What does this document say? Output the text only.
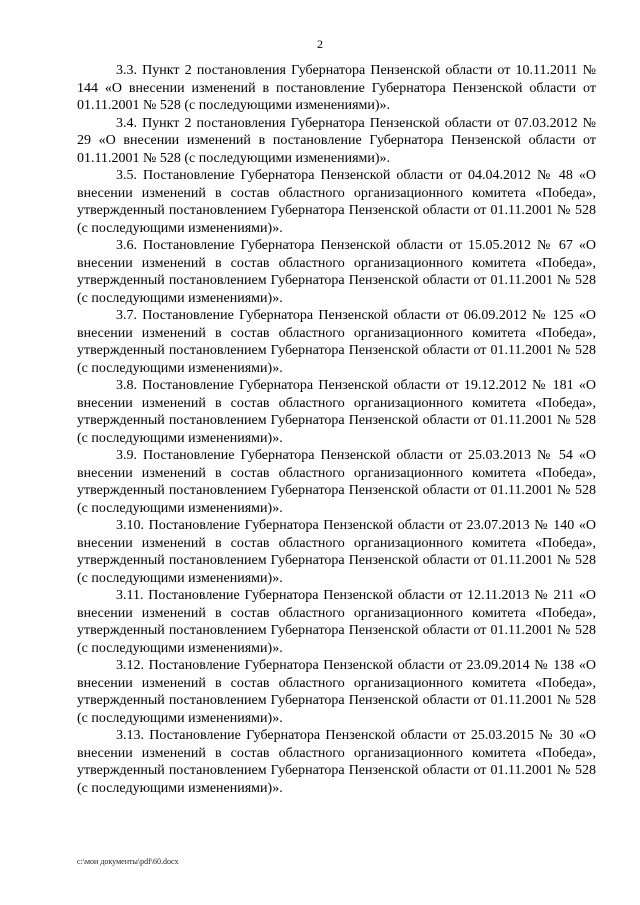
2

3.3. Пункт 2 постановления Губернатора Пензенской области от 10.11.2011 № 144 «О внесении изменений в постановление Губернатора Пензенской области от 01.11.2001 № 528 (с последующими изменениями)».

3.4. Пункт 2 постановления Губернатора Пензенской области от 07.03.2012 № 29 «О внесении изменений в постановление Губернатора Пензенской области от 01.11.2001 № 528 (с последующими изменениями)».

3.5. Постановление Губернатора Пензенской области от 04.04.2012 № 48 «О внесении изменений в состав областного организационного комитета «Победа», утвержденный постановлением Губернатора Пензенской области от 01.11.2001 № 528 (с последующими изменениями)».

3.6. Постановление Губернатора Пензенской области от 15.05.2012 № 67 «О внесении изменений в состав областного организационного комитета «Победа», утвержденный постановлением Губернатора Пензенской области от 01.11.2001 № 528 (с последующими изменениями)».

3.7. Постановление Губернатора Пензенской области от 06.09.2012 № 125 «О внесении изменений в состав областного организационного комитета «Победа», утвержденный постановлением Губернатора Пензенской области от 01.11.2001 № 528 (с последующими изменениями)».

3.8. Постановление Губернатора Пензенской области от 19.12.2012 № 181 «О внесении изменений в состав областного организационного комитета «Победа», утвержденный постановлением Губернатора Пензенской области от 01.11.2001 № 528 (с последующими изменениями)».

3.9. Постановление Губернатора Пензенской области от 25.03.2013 № 54 «О внесении изменений в состав областного организационного комитета «Победа», утвержденный постановлением Губернатора Пензенской области от 01.11.2001 № 528 (с последующими изменениями)».

3.10. Постановление Губернатора Пензенской области от 23.07.2013 № 140 «О внесении изменений в состав областного организационного комитета «Победа», утвержденный постановлением Губернатора Пензенской области от 01.11.2001 № 528 (с последующими изменениями)».

3.11. Постановление Губернатора Пензенской области от 12.11.2013 № 211 «О внесении изменений в состав областного организационного комитета «Победа», утвержденный постановлением Губернатора Пензенской области от 01.11.2001 № 528 (с последующими изменениями)».

3.12. Постановление Губернатора Пензенской области от 23.09.2014 № 138 «О внесении изменений в состав областного организационного комитета «Победа», утвержденный постановлением Губернатора Пензенской области от 01.11.2001 № 528 (с последующими изменениями)».

3.13. Постановление Губернатора Пензенской области от 25.03.2015 № 30 «О внесении изменений в состав областного организационного комитета «Победа», утвержденный постановлением Губернатора Пензенской области от 01.11.2001 № 528 (с последующими изменениями)».

c:\мои документы\pdf\60.docx
